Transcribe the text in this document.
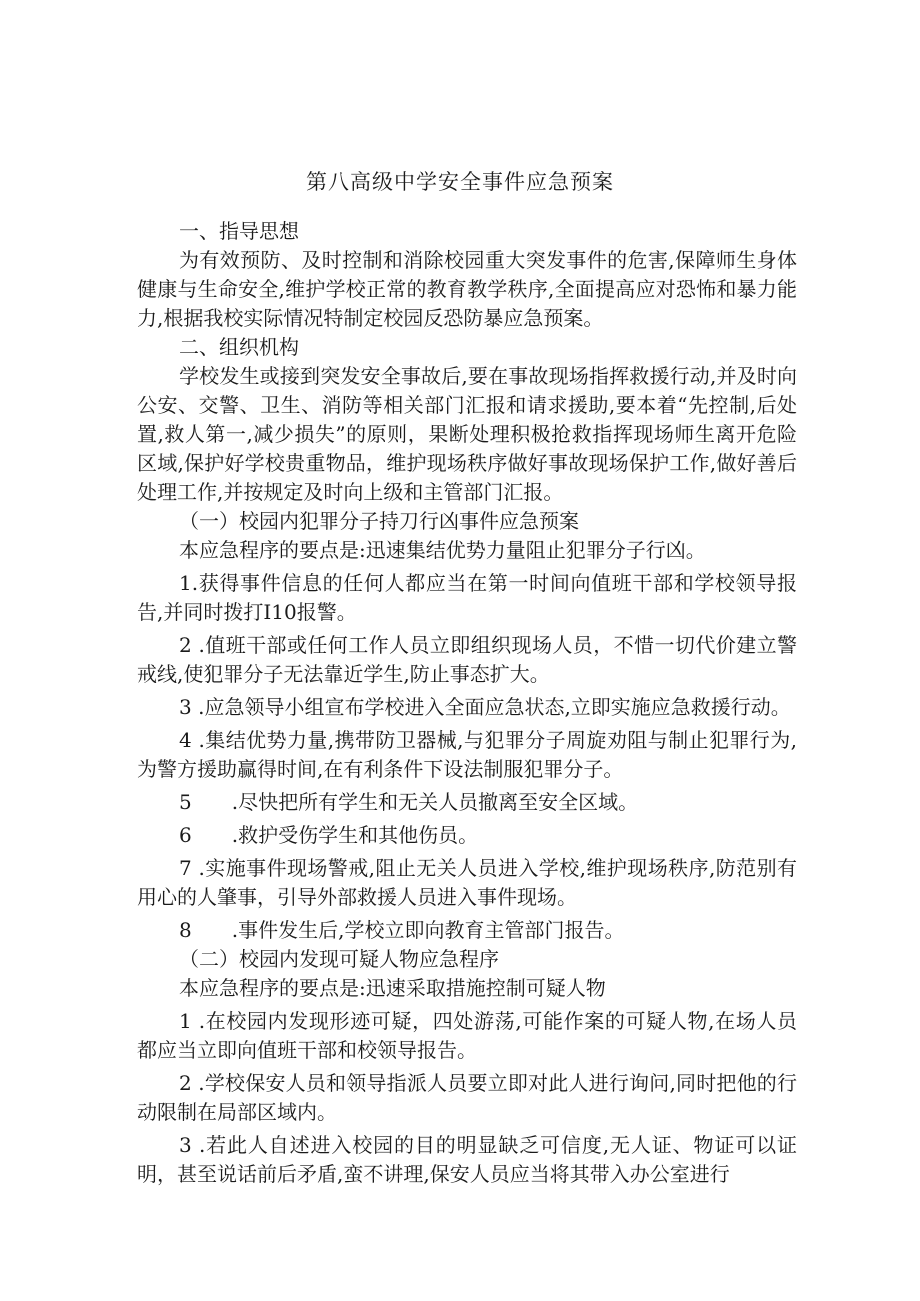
第八高级中学安全事件应急预案

一、指导思想

为有效预防、及时控制和消除校园重大突发事件的危害,保障师生身体健康与生命安全,维护学校正常的教育教学秩序,全面提高应对恐怖和暴力能力,根据我校实际情况特制定校园反恐防暴应急预案。

二、组织机构

学校发生或接到突发安全事故后,要在事故现场指挥救援行动,并及时向公安、交警、卫生、消防等相关部门汇报和请求援助,要本着“先控制,后处置,救人第一,减少损失”的原则，果断处理积极抢救指挥现场师生离开危险区域,保护好学校贵重物品，维护现场秩序做好事故现场保护工作,做好善后处理工作,并按规定及时向上级和主管部门汇报。

（一）校园内犯罪分子持刀行凶事件应急预案

本应急程序的要点是:迅速集结优势力量阻止犯罪分子行凶。

1.获得事件信息的任何人都应当在第一时间向值班干部和学校领导报告,并同时拨打I10报警。

2 .值班干部或任何工作人员立即组织现场人员，不惜一切代价建立警戒线,使犯罪分子无法靠近学生,防止事态扩大。

3 .应急领导小组宣布学校进入全面应急状态,立即实施应急救援行动。

4 .集结优势力量,携带防卫器械,与犯罪分子周旋劝阻与制止犯罪行为,为警方援助赢得时间,在有利条件下设法制服犯罪分子。

5　　.尽快把所有学生和无关人员撤离至安全区域。

6　　.救护受伤学生和其他伤员。

7 .实施事件现场警戒,阻止无关人员进入学校,维护现场秩序,防范别有用心的人肇事，引导外部救援人员进入事件现场。

8　　.事件发生后,学校立即向教育主管部门报告。

（二）校园内发现可疑人物应急程序

本应急程序的要点是:迅速采取措施控制可疑人物

1 .在校园内发现形迹可疑，四处游荡,可能作案的可疑人物,在场人员都应当立即向值班干部和校领导报告。

2 .学校保安人员和领导指派人员要立即对此人进行询问,同时把他的行动限制在局部区域内。

3 .若此人自述进入校园的目的明显缺乏可信度,无人证、物证可以证明，甚至说话前后矛盾,蛮不讲理,保安人员应当将其带入办公室进行
